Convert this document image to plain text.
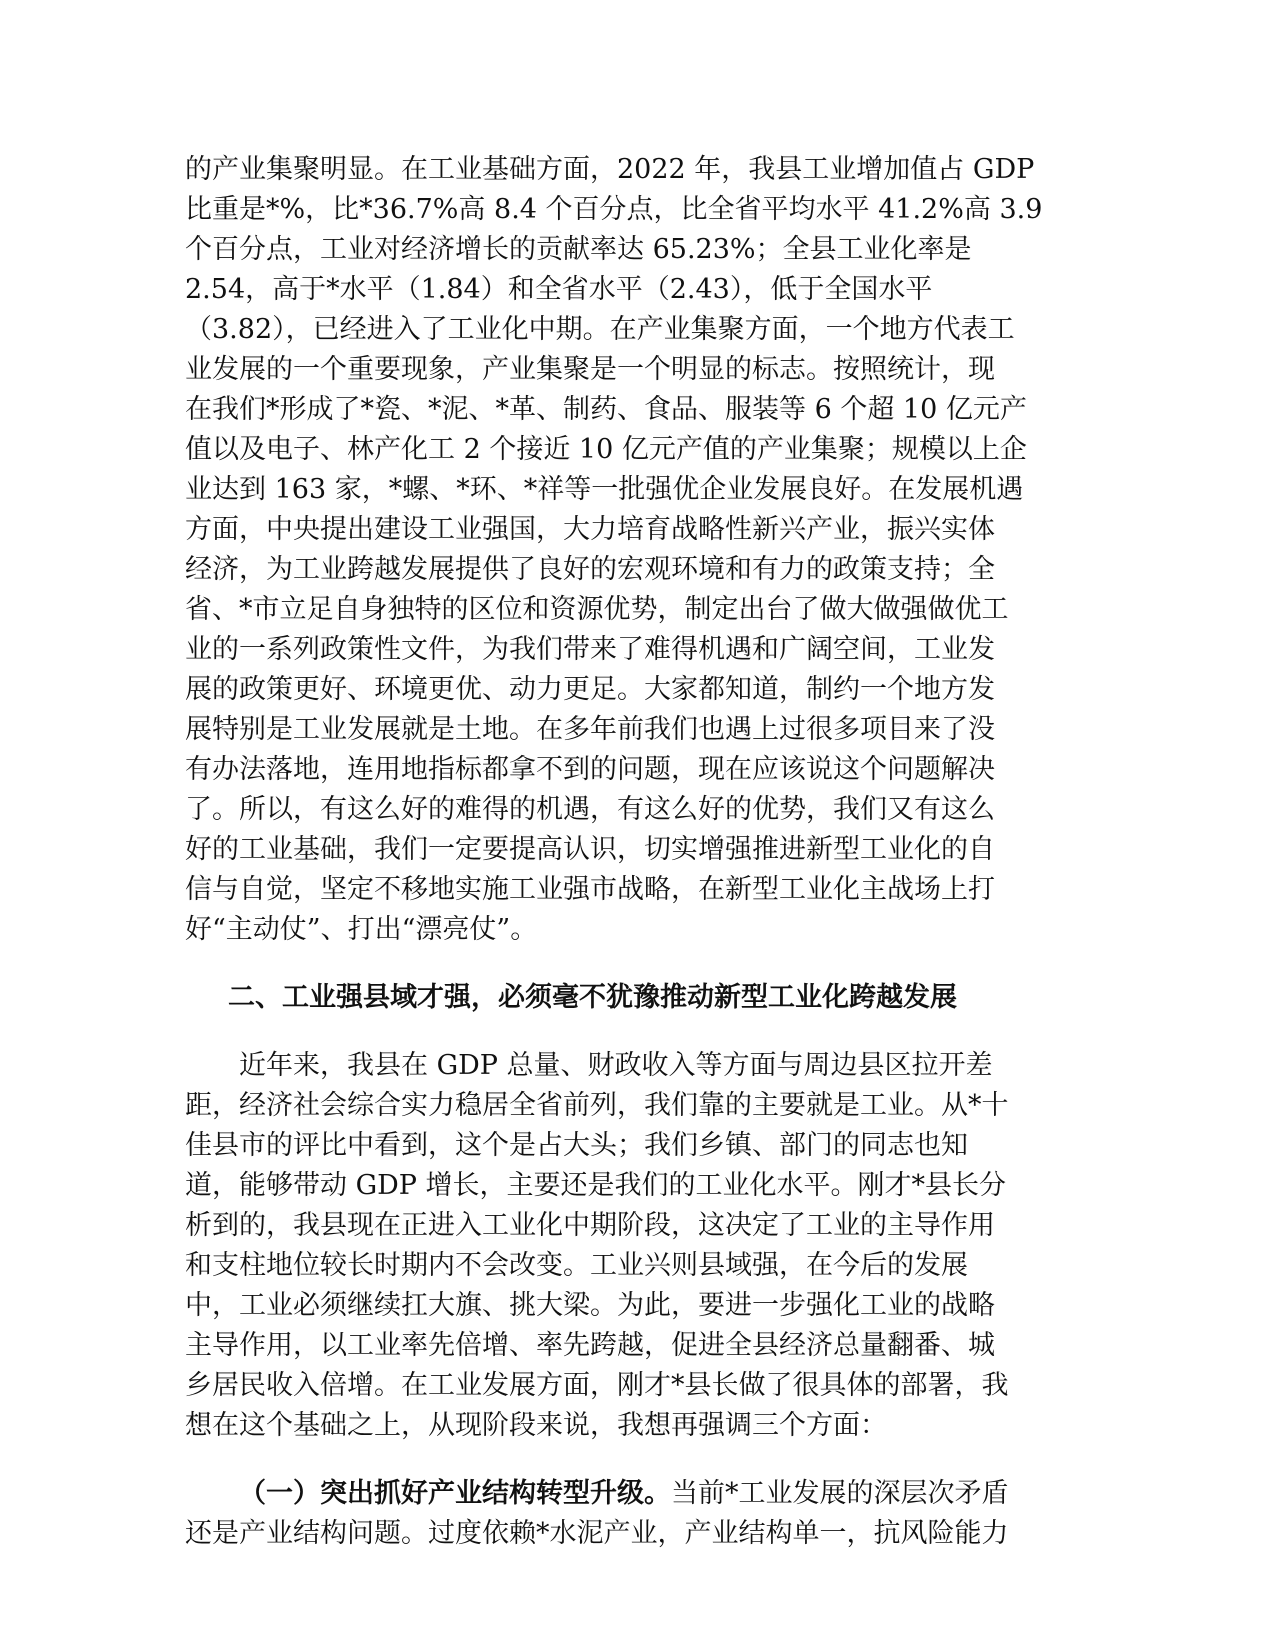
的产业集聚明显。在工业基础方面，2022 年，我县工业增加值占 GDP
比重是*%，比*36.7%高 8.4 个百分点，比全省平均水平 41.2%高 3.9
个百分点，工业对经济增长的贡献率达 65.23%；全县工业化率是
2.54，高于*水平（1.84）和全省水平（2.43），低于全国水平
（3.82），已经进入了工业化中期。在产业集聚方面，一个地方代表工
业发展的一个重要现象，产业集聚是一个明显的标志。按照统计，现
在我们*形成了*瓷、*泥、*革、制药、食品、服装等 6 个超 10 亿元产
值以及电子、林产化工 2 个接近 10 亿元产值的产业集聚；规模以上企
业达到 163 家，*螺、*环、*祥等一批强优企业发展良好。在发展机遇
方面，中央提出建设工业强国，大力培育战略性新兴产业，振兴实体
经济，为工业跨越发展提供了良好的宏观环境和有力的政策支持；全
省、*市立足自身独特的区位和资源优势，制定出台了做大做强做优工
业的一系列政策性文件，为我们带来了难得机遇和广阔空间，工业发
展的政策更好、环境更优、动力更足。大家都知道，制约一个地方发
展特别是工业发展就是土地。在多年前我们也遇上过很多项目来了没
有办法落地，连用地指标都拿不到的问题，现在应该说这个问题解决
了。所以，有这么好的难得的机遇，有这么好的优势，我们又有这么
好的工业基础，我们一定要提高认识，切实增强推进新型工业化的自
信与自觉，坚定不移地实施工业强市战略，在新型工业化主战场上打
好“主动仗”、打出“漂亮仗”。
二、工业强县域才强，必须毫不犹豫推动新型工业化跨越发展
近年来，我县在 GDP 总量、财政收入等方面与周边县区拉开差
距，经济社会综合实力稳居全省前列，我们靠的主要就是工业。从*十
佳县市的评比中看到，这个是占大头；我们乡镇、部门的同志也知
道，能够带动 GDP 增长，主要还是我们的工业化水平。刚才*县长分
析到的，我县现在正进入工业化中期阶段，这决定了工业的主导作用
和支柱地位较长时期内不会改变。工业兴则县域强，在今后的发展
中，工业必须继续扛大旗、挑大梁。为此，要进一步强化工业的战略
主导作用，以工业率先倍增、率先跨越，促进全县经济总量翻番、城
乡居民收入倍增。在工业发展方面，刚才*县长做了很具体的部署，我
想在这个基础之上，从现阶段来说，我想再强调三个方面：
（一）突出抓好产业结构转型升级。当前*工业发展的深层次矛盾
还是产业结构问题。过度依赖*水泥产业，产业结构单一，抗风险能力
